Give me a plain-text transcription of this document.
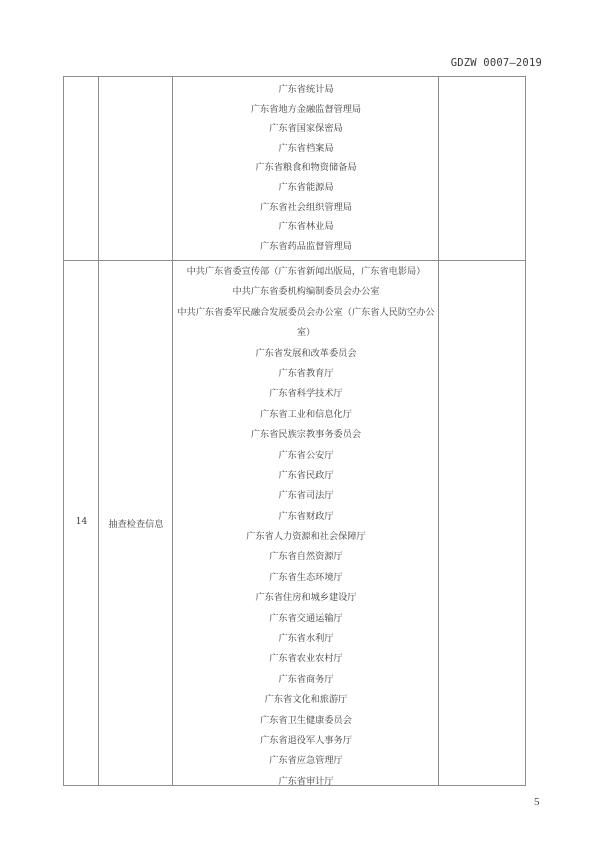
GDZW 0007—2019
广东省统计局
广东省地方金融监督管理局
广东省国家保密局
广东省档案局
广东省粮食和物资储备局
广东省能源局
广东省社会组织管理局
广东省林业局
广东省药品监督管理局
14	抽查检查信息
中共广东省委宣传部（广东省新闻出版局，广东省电影局）
中共广东省委机构编制委员会办公室
中共广东省委军民融合发展委员会办公室（广东省人民防空办公
室）
广东省发展和改革委员会
广东省教育厅
广东省科学技术厅
广东省工业和信息化厅
广东省民族宗教事务委员会
广东省公安厅
广东省民政厅
广东省司法厅
广东省财政厅
广东省人力资源和社会保障厅
广东省自然资源厅
广东省生态环境厅
广东省住房和城乡建设厅
广东省交通运输厅
广东省水利厅
广东省农业农村厅
广东省商务厅
广东省文化和旅游厅
广东省卫生健康委员会
广东省退役军人事务厅
广东省应急管理厅
广东省审计厅
5
